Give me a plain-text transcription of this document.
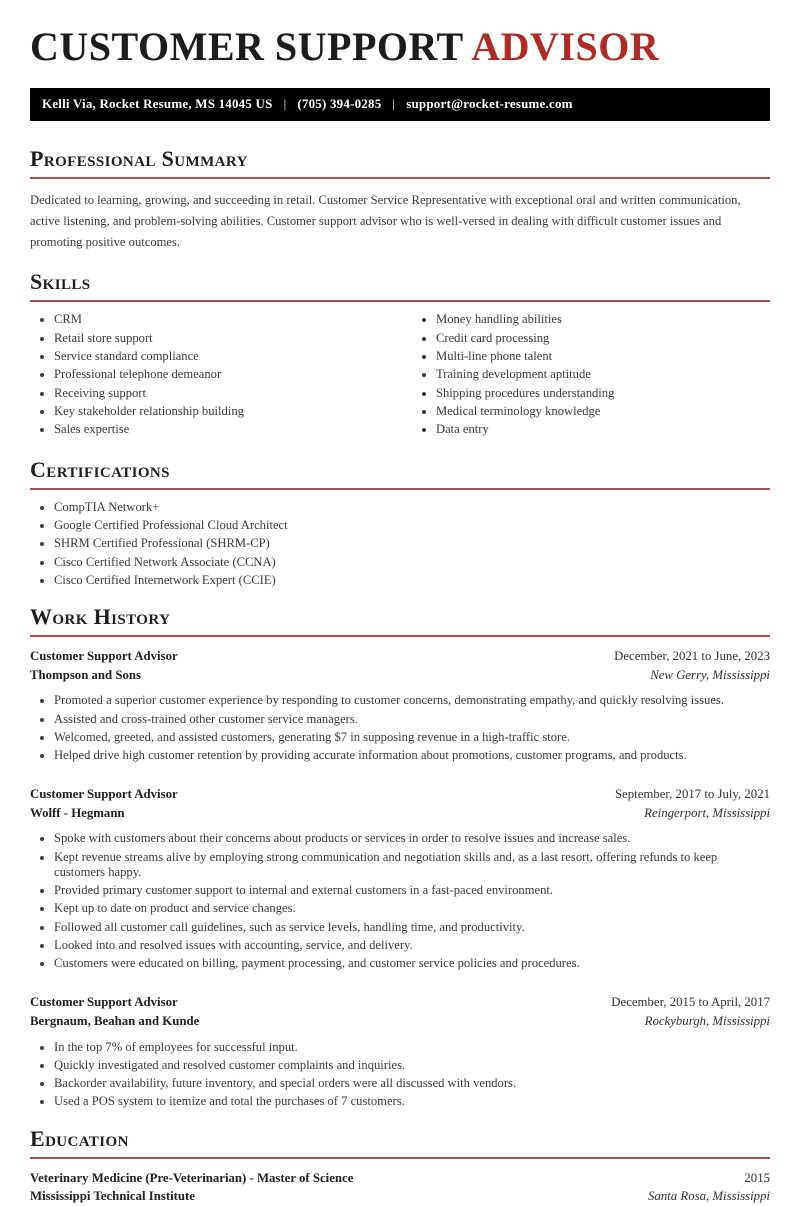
CUSTOMER SUPPORT ADVISOR
Kelli Via, Rocket Resume, MS 14045 US | (705) 394-0285 | support@rocket-resume.com
Professional Summary

Dedicated to learning, growing, and succeeding in retail. Customer Service Representative with exceptional oral and written communication, active listening, and problem-solving abilities. Customer support advisor who is well-versed in dealing with difficult customer issues and promoting positive outcomes.

Skills
• CRM
• Retail store support
• Service standard compliance
• Professional telephone demeanor
• Receiving support
• Key stakeholder relationship building
• Sales expertise
• Money handling abilities
• Credit card processing
• Multi-line phone talent
• Training development aptitude
• Shipping procedures understanding
• Medical terminology knowledge
• Data entry
Certifications
• CompTIA Network+
• Google Certified Professional Cloud Architect
• SHRM Certified Professional (SHRM-CP)
• Cisco Certified Network Associate (CCNA)
• Cisco Certified Internetwork Expert (CCIE)
Work History
Customer Support Advisor	December, 2021 to June, 2023
Thompson and Sons	New Gerry, Mississippi
• Promoted a superior customer experience by responding to customer concerns, demonstrating empathy, and quickly resolving issues.
• Assisted and cross-trained other customer service managers.
• Welcomed, greeted, and assisted customers, generating $7 in supposing revenue in a high-traffic store.
• Helped drive high customer retention by providing accurate information about promotions, customer programs, and products.
Customer Support Advisor	September, 2017 to July, 2021
Wolff - Hegmann	Reingerport, Mississippi
• Spoke with customers about their concerns about products or services in order to resolve issues and increase sales.
• Kept revenue streams alive by employing strong communication and negotiation skills and, as a last resort, offering refunds to keep customers happy.
• Provided primary customer support to internal and external customers in a fast-paced environment.
• Kept up to date on product and service changes.
• Followed all customer call guidelines, such as service levels, handling time, and productivity.
• Looked into and resolved issues with accounting, service, and delivery.
• Customers were educated on billing, payment processing, and customer service policies and procedures.
Customer Support Advisor	December, 2015 to April, 2017
Bergnaum, Beahan and Kunde	Rockyburgh, Mississippi
• In the top 7% of employees for successful input.
• Quickly investigated and resolved customer complaints and inquiries.
• Backorder availability, future inventory, and special orders were all discussed with vendors.
• Used a POS system to itemize and total the purchases of 7 customers.
Education
Veterinary Medicine (Pre-Veterinarian) - Master of Science	2015
Mississippi Technical Institute	Santa Rosa, Mississippi
